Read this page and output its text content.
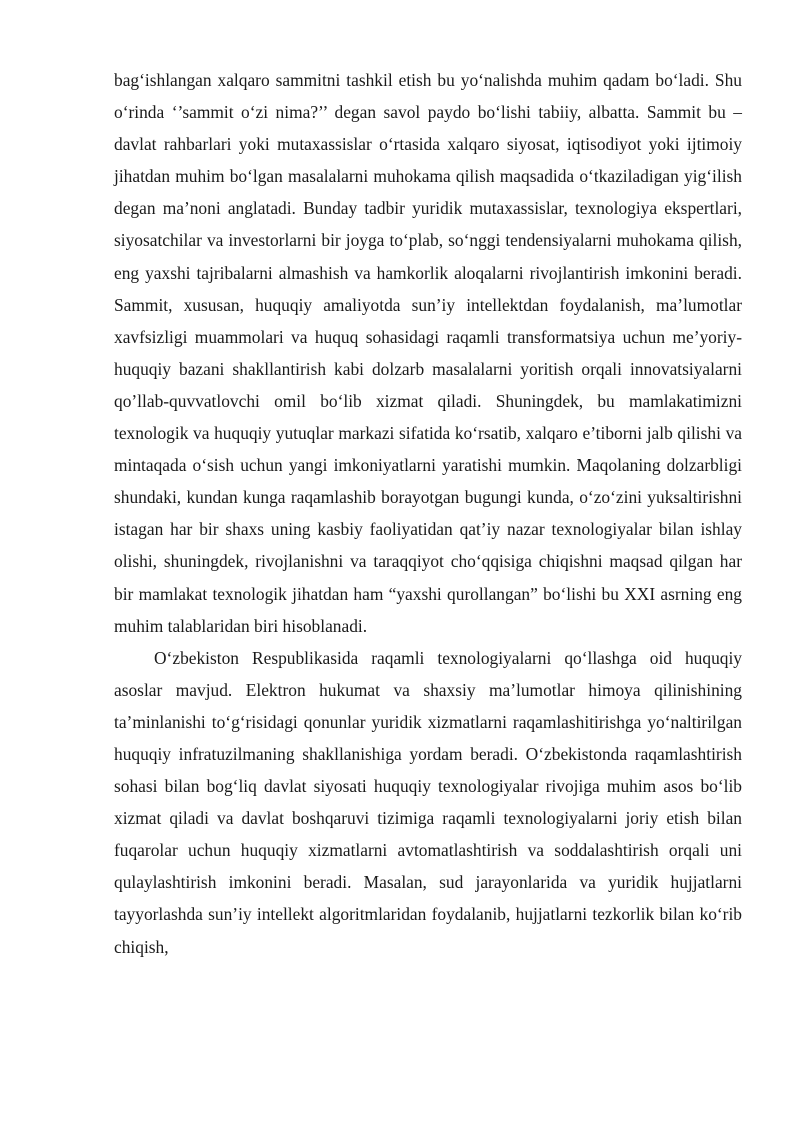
bag‘ishlangan xalqaro sammitni tashkil etish bu yo‘nalishda muhim qadam bo‘ladi. Shu o‘rinda ‘’sammit o‘zi nima?’’ degan savol paydo bo‘lishi tabiiy, albatta. Sammit bu – davlat rahbarlari yoki mutaxassislar o‘rtasida xalqaro siyosat, iqtisodiyot yoki ijtimoiy jihatdan muhim bo‘lgan masalalarni muhokama qilish maqsadida o‘tkaziladigan yig‘ilish degan ma’noni anglatadi. Bunday tadbir yuridik mutaxassislar, texnologiya ekspertlari, siyosatchilar va investorlarni bir joyga to‘plab, so‘nggi tendensiyalarni muhokama qilish, eng yaxshi tajribalarni almashish va hamkorlik aloqalarni rivojlantirish imkonini beradi. Sammit, xususan, huquqiy amaliyotda sun’iy intellektdan foydalanish, ma’lumotlar xavfsizligi muammolari va huquq sohasidagi raqamli transformatsiya uchun me’yoriy-huquqiy bazani shakllantirish kabi dolzarb masalalarni yoritish orqali innovatsiyalarni qo’llab-quvvatlovchi omil bo‘lib xizmat qiladi. Shuningdek, bu mamlakatimizni texnologik va huquqiy yutuqlar markazi sifatida ko‘rsatib, xalqaro e’tiborni jalb qilishi va mintaqada o‘sish uchun yangi imkoniyatlarni yaratishi mumkin. Maqolaning dolzarbligi shundaki, kundan kunga raqamlashib borayotgan bugungi kunda, o‘zo‘zini yuksaltirishni istagan har bir shaxs uning kasbiy faoliyatidan qat’iy nazar texnologiyalar bilan ishlay olishi, shuningdek, rivojlanishni va taraqqiyot cho‘qqisiga chiqishni maqsad qilgan har bir mamlakat texnologik jihatdan ham “yaxshi qurollangan” bo‘lishi bu XXI asrning eng muhim talablaridan biri hisoblanadi.

O‘zbekiston Respublikasida raqamli texnologiyalarni qo‘llashga oid huquqiy asoslar mavjud. Elektron hukumat va shaxsiy ma’lumotlar himoya qilinishining ta’minlanishi to‘g‘risidagi qonunlar yuridik xizmatlarni raqamlashitirishga yo‘naltirilgan huquqiy infratuzilmaning shakllanishiga yordam beradi. O‘zbekistonda raqamlashtirish sohasi bilan bog‘liq davlat siyosati huquqiy texnologiyalar rivojiga muhim asos bo‘lib xizmat qiladi va davlat boshqaruvi tizimiga raqamli texnologiyalarni joriy etish bilan fuqarolar uchun huquqiy xizmatlarni avtomatlashtirish va soddalashtirish orqali uni qulaylashtirish imkonini beradi. Masalan, sud jarayonlarida va yuridik hujjatlarni tayyorlashda sun’iy intellekt algoritmlaridan foydalanib, hujjatlarni tezkorlik bilan ko‘rib chiqish,
